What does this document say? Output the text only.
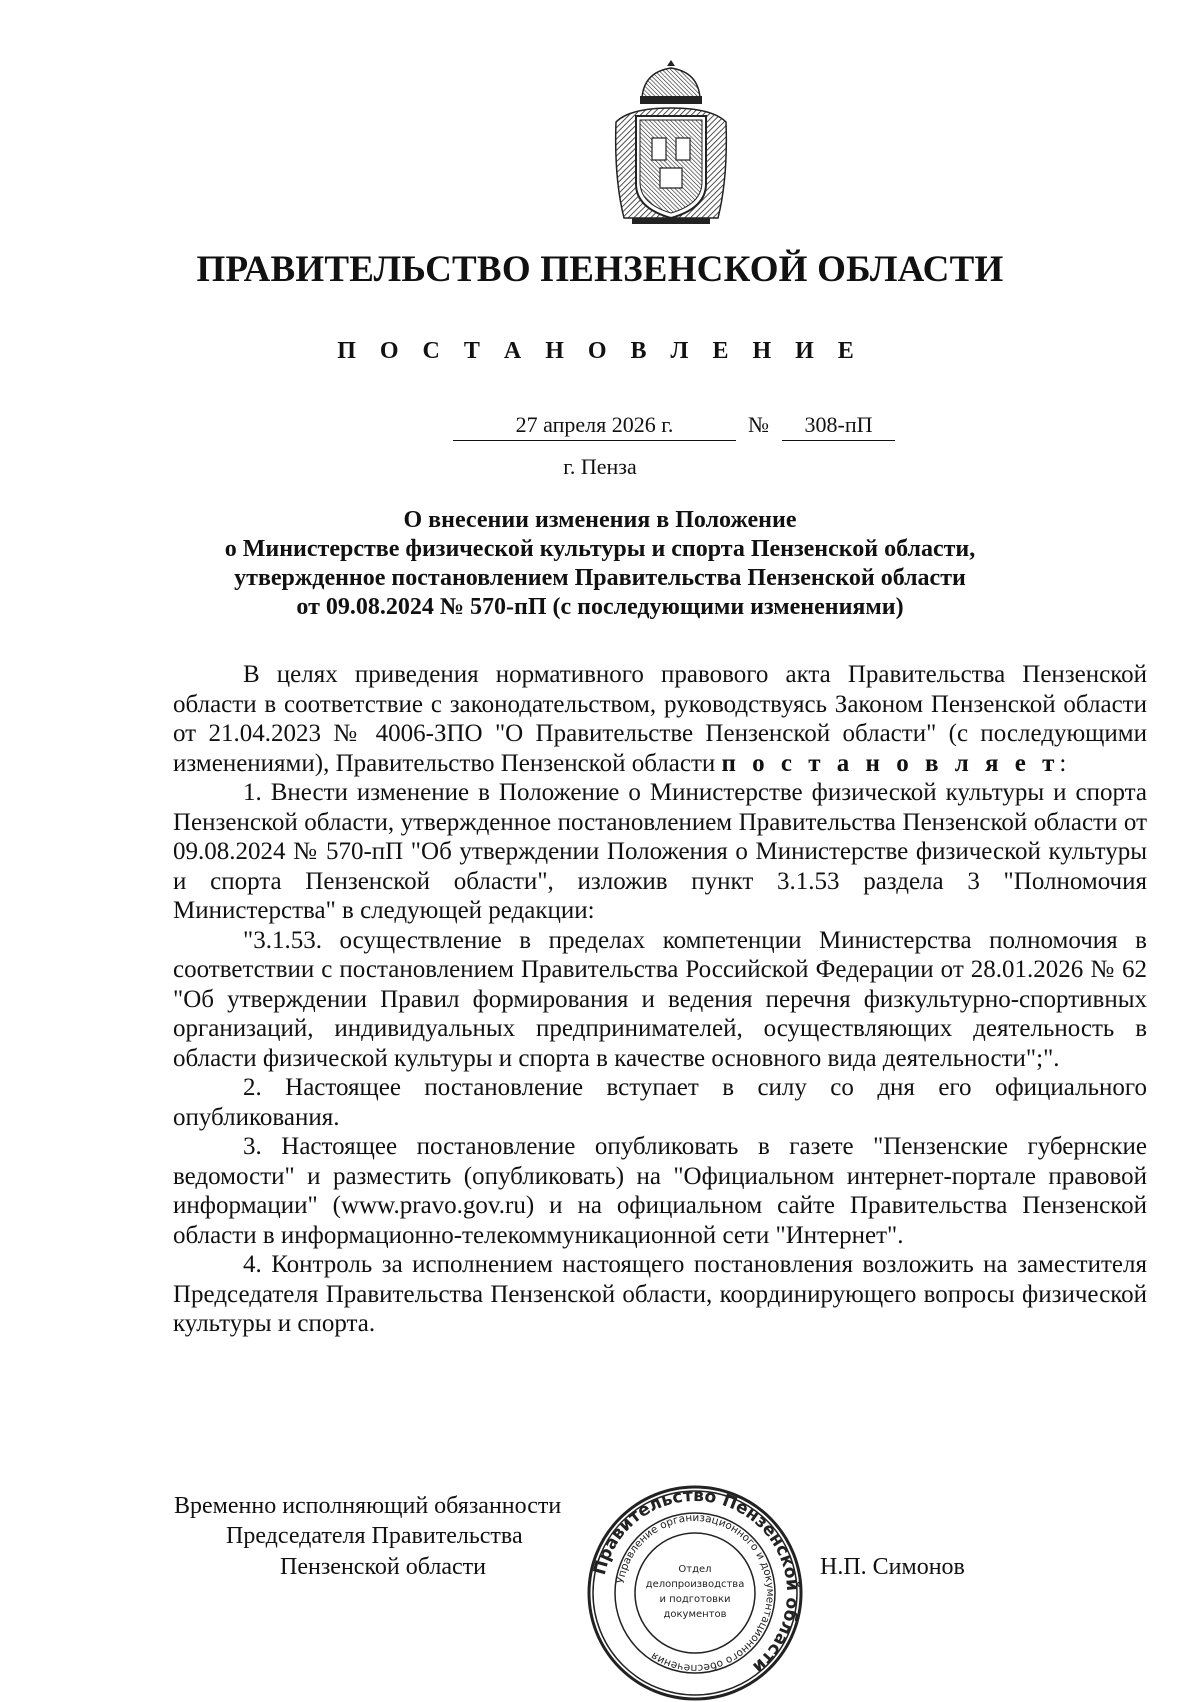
ПРАВИТЕЛЬСТВО ПЕНЗЕНСКОЙ ОБЛАСТИ
П О С Т А Н О В Л Е Н И Е
27 апреля 2026 г.	№	308-пП
г. Пенза
О внесении изменения в Положение
о Министерстве физической культуры и спорта Пензенской области,
утвержденное постановлением Правительства Пензенской области
от 09.08.2024 № 570-пП (с последующими изменениями)

В целях приведения нормативного правового акта Правительства Пензенской области в соответствие с законодательством, руководствуясь Законом Пензенской области от 21.04.2023 № 4006-ЗПО "О Правительстве Пензенской области" (с последующими изменениями), Правительство Пензенской области п о с т а н о в л я е т:

1. Внести изменение в Положение о Министерстве физической культуры и спорта Пензенской области, утвержденное постановлением Правительства Пензенской области от 09.08.2024 № 570-пП "Об утверждении Положения о Министерстве физической культуры и спорта Пензенской области", изложив пункт 3.1.53 раздела 3 "Полномочия Министерства" в следующей редакции:

"3.1.53. осуществление в пределах компетенции Министерства полномочия в соответствии с постановлением Правительства Российской Федерации от 28.01.2026 № 62 "Об утверждении Правил формирования и ведения перечня физкультурно-спортивных организаций, индивидуальных предпринимателей, осуществляющих деятельность в области физической культуры и спорта в качестве основного вида деятельности";".

2. Настоящее постановление вступает в силу со дня его официального опубликования.

3. Настоящее постановление опубликовать в газете "Пензенские губернские ведомости" и разместить (опубликовать) на "Официальном интернет-портале правовой информации" (www.pravo.gov.ru) и на официальном сайте Правительства Пензенской области в информационно-телекоммуникационной сети "Интернет".

4. Контроль за исполнением настоящего постановления возложить на заместителя Председателя Правительства Пензенской области, координирующего вопросы физической культуры и спорта.

Временно исполняющий обязанности
Председателя Правительства
Пензенской области	Н.П. Симонов
Правительство Пензенской области
Управление организационного и документационного обеспечения
Отдел
делопроизводства
и подготовки
документов
